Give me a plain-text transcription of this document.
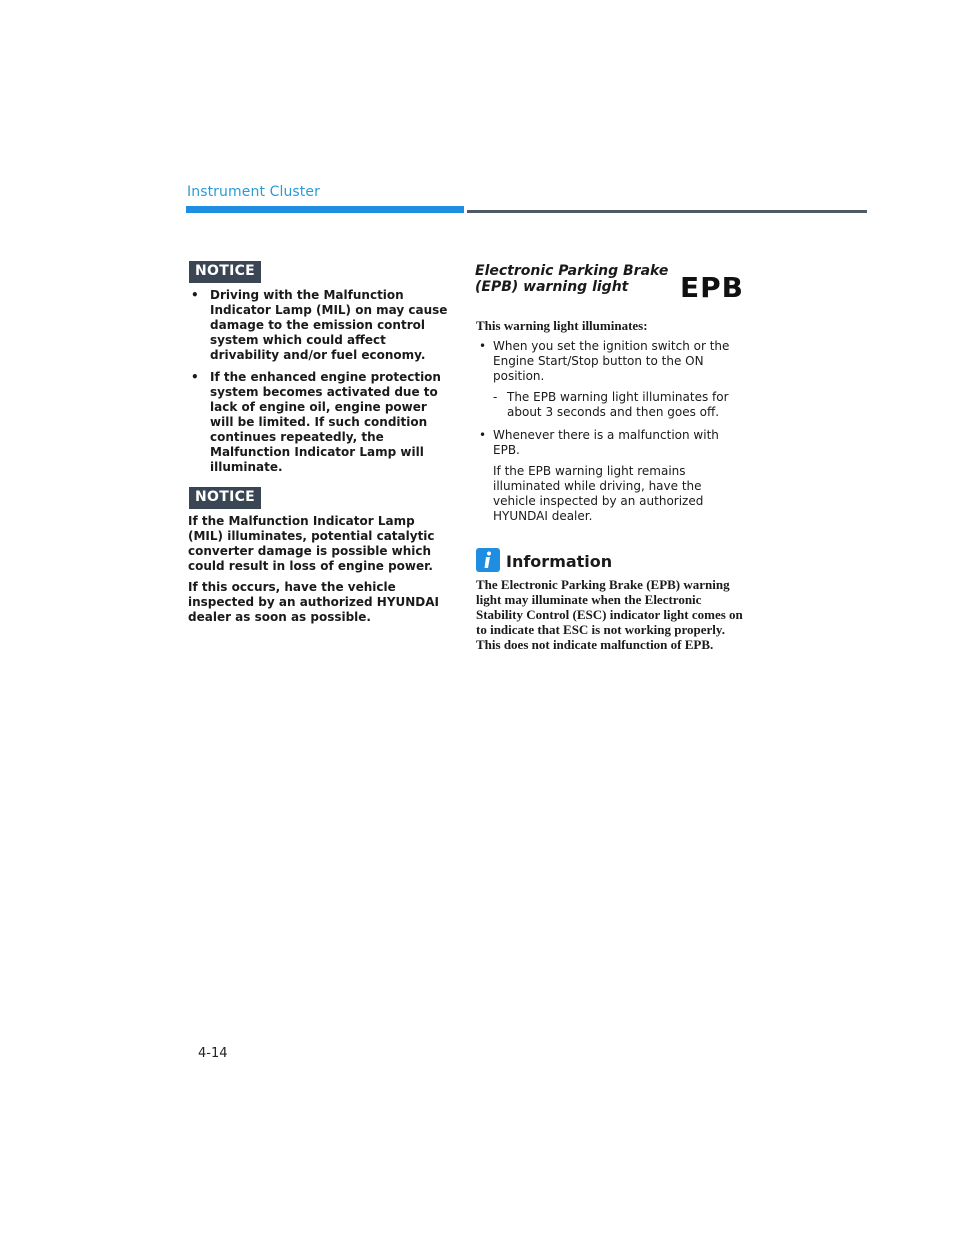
Instrument Cluster
NOTICE
• Driving with the Malfunction Indicator Lamp (MIL) on may cause damage to the emission control system which could affect drivability and/or fuel economy.
• If the enhanced engine protection system becomes activated due to lack of engine oil, engine power will be limited. If such condition continues repeatedly, the Malfunction Indicator Lamp will illuminate.
NOTICE

If the Malfunction Indicator Lamp (MIL) illuminates, potential catalytic converter damage is possible which could result in loss of engine power.

If this occurs, have the vehicle inspected by an authorized HYUNDAI dealer as soon as possible.

Electronic Parking Brake (EPB) warning light	EPB
This warning light illuminates:
• When you set the ignition switch or the Engine Start/Stop button to the ON position.
- The EPB warning light illuminates for about 3 seconds and then goes off.
• Whenever there is a malfunction with EPB.
If the EPB warning light remains illuminated while driving, have the vehicle inspected by an authorized HYUNDAI dealer.
Information
The Electronic Parking Brake (EPB) warning light may illuminate when the Electronic Stability Control (ESC) indicator light comes on to indicate that ESC is not working properly. This does not indicate malfunction of EPB.
4-14
